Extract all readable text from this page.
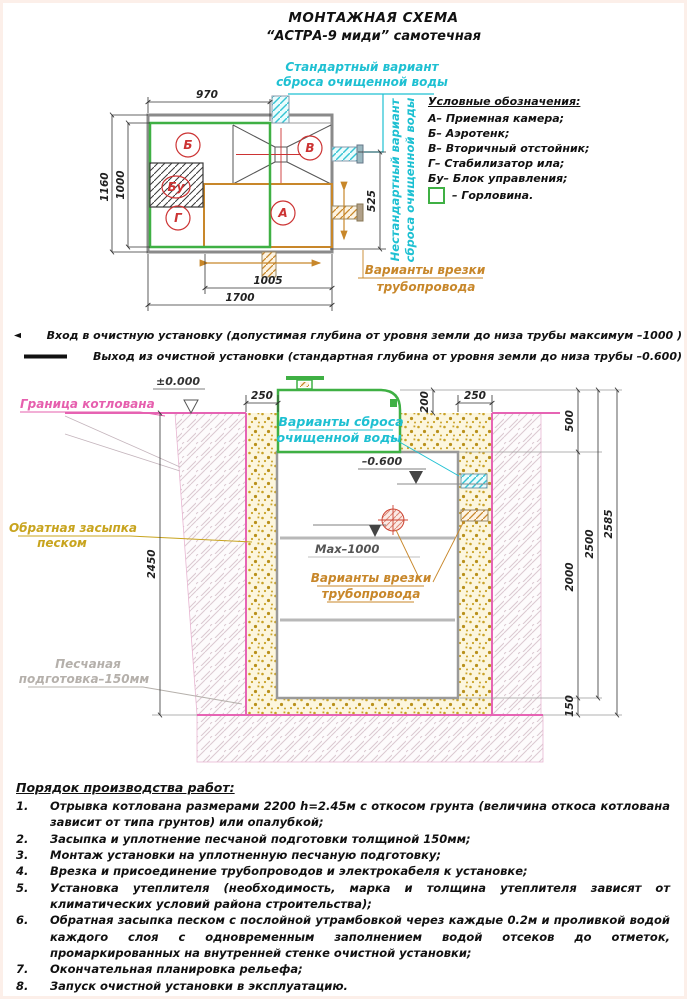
МОНТАЖНАЯ СХЕМА
“АСТРА-9 миди” самотечная
Стандартный вариант
сброса очищенной воды
Б	В
Бу
Г	А
970
1000
1160	525
1005
1700
Нестандартный вариант сброса очищенной воды
Варианты врезки
трубопровода
Условные обозначения:
А– Приемная камера;
Б– Аэротенк;
В– Вторичный отстойник;
Г– Стабилизатор ила;
Бу– Блок управления;
– Горловина.
Вход в очистную установку (допустимая глубина от уровня земли до низа трубы максимум –1000 )
Выход из очистной установки (стандартная глубина от уровня земли до низа трубы –0.600)
±0.000
–0.600
Мах–1000
Варианты сброса
очищенной воды
Варианты врезки
трубопровода
Граница котлована
Обратная засыпка
песком
Песчаная
подготовка–150мм
2450
250	250
200
500
2000
150
2500
2585
Порядок производства работ:
1.	Отрывка котлована размерами 2200 h=2.45м с откосом грунта (величина откоса котлована зависит от типа грунтов) или опалубкой;
2.	Засыпка и уплотнение песчаной подготовки толщиной 150мм;
3.	Монтаж установки на уплотненную песчаную подготовку;
4.	Врезка и присоединение трубопроводов и электрокабеля к установке;
5.	Установка утеплителя (необходимость, марка и толщина утеплителя зависят от климатических условий района строительства);
6.	Обратная засыпка песком с послойной утрамбовкой через каждые 0.2м и проливкой водой каждого слоя с одновременным заполнением водой отсеков до отметок, промаркированных на внутренней стенке очистной установки;
7.	Окончательная планировка рельефа;
8.	Запуск очистной установки в эксплуатацию.
